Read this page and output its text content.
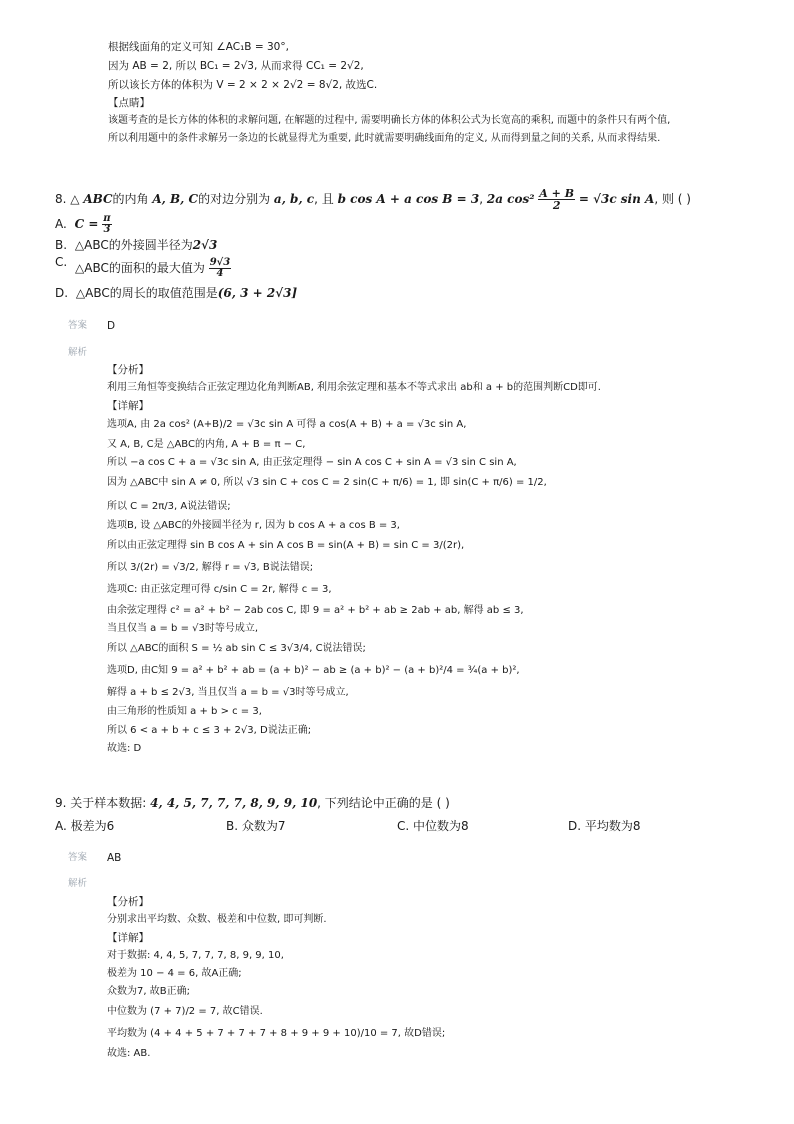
根据线面角的定义可知 ∠AC₁B = 30°,
因为 AB = 2, 所以 BC₁ = 2√3, 从而求得 CC₁ = 2√2,
所以该长方体的体积为 V = 2 × 2 × 2√2 = 8√2, 故选C.
【点睛】
该题考查的是长方体的体积的求解问题, 在解题的过程中, 需要明确长方体的体积公式为长宽高的乘积, 而题中的条件只有两个值,
所以利用题中的条件求解另一条边的长就显得尤为重要, 此时就需要明确线面角的定义, 从而得到量之间的关系, 从而求得结果.
8. △ ABC的内角 A, B, C的对边分别为 a, b, c, 且 b cos A + a cos B = 3, 2a $\cos^2 \frac{A + B}{2} = √3c$ sin A, 则 ( )
A. $C = \frac{\pi}{3}$
B. △ABC的外接圆半径为2√3
C. △ABC的面积的最大值为 $\frac{9√3}{4}$
D. △ABC的周长的取值范围是(6, 3 + 2√3]
答案 D
解析
【分析】
利用三角恒等变换结合正弦定理边化角判断AB, 利用余弦定理和基本不等式求出 ab和 a + b的范围判断CD即可.
【详解】
选项A, 由 2a cos² (A+B)/2 = √3c sin A 可得 a cos(A + B) + a = √3c sin A,
又 A, B, C是 △ABC的内角, A + B = π − C,
所以 −a cos C + a = √3c sin A, 由正弦定理得 − sin A cos C + sin A = √3 sin C sin A,
因为 △ABC中 sin A ≠ 0, 所以 √3 sin C + cos C = 2 sin(C + π/6) = 1, 即 sin(C + π/6) = 1/2,
所以 C = 2π/3, A说法错误;
选项B, 设 △ABC的外接圆半径为 r, 因为 b cos A + a cos B = 3,
所以由正弦定理得 sin B cos A + sin A cos B = sin(A + B) = sin C = 3/(2r),
所以 3/(2r) = √3/2, 解得 r = √3, B说法错误;
选项C: 由正弦定理可得 c/sin C = 2r, 解得 c = 3,
由余弦定理得 c² = a² + b² − 2ab cos C, 即 9 = a² + b² + ab ≥ 2ab + ab, 解得 ab ≤ 3,
当且仅当 a = b = √3时等号成立,
所以 △ABC的面积 S = ½ ab sin C ≤ 3√3/4, C说法错误;
选项D, 由C知 9 = a² + b² + ab = (a + b)² − ab ≥ (a + b)² − (a + b)²/4 = ¾(a + b)²,
解得 a + b ≤ 2√3, 当且仅当 a = b = √3时等号成立,
由三角形的性质知 a + b > c = 3,
所以 6 < a + b + c ≤ 3 + 2√3, D说法正确;
故选: D
9. 关于样本数据: 4, 4, 5, 7, 7, 7, 8, 9, 9, 10, 下列结论中正确的是 ( )
A. 极差为6	B. 众数为7	C. 中位数为8	D. 平均数为8
答案 AB
解析
【分析】
分别求出平均数、众数、极差和中位数, 即可判断.
【详解】
对于数据: 4, 4, 5, 7, 7, 7, 8, 9, 9, 10,
极差为 10 − 4 = 6, 故A正确;
众数为7, 故B正确;
中位数为 (7 + 7)/2 = 7, 故C错误.
平均数为 (4 + 4 + 5 + 7 + 7 + 7 + 8 + 9 + 9 + 10)/10 = 7, 故D错误;
故选: AB.
